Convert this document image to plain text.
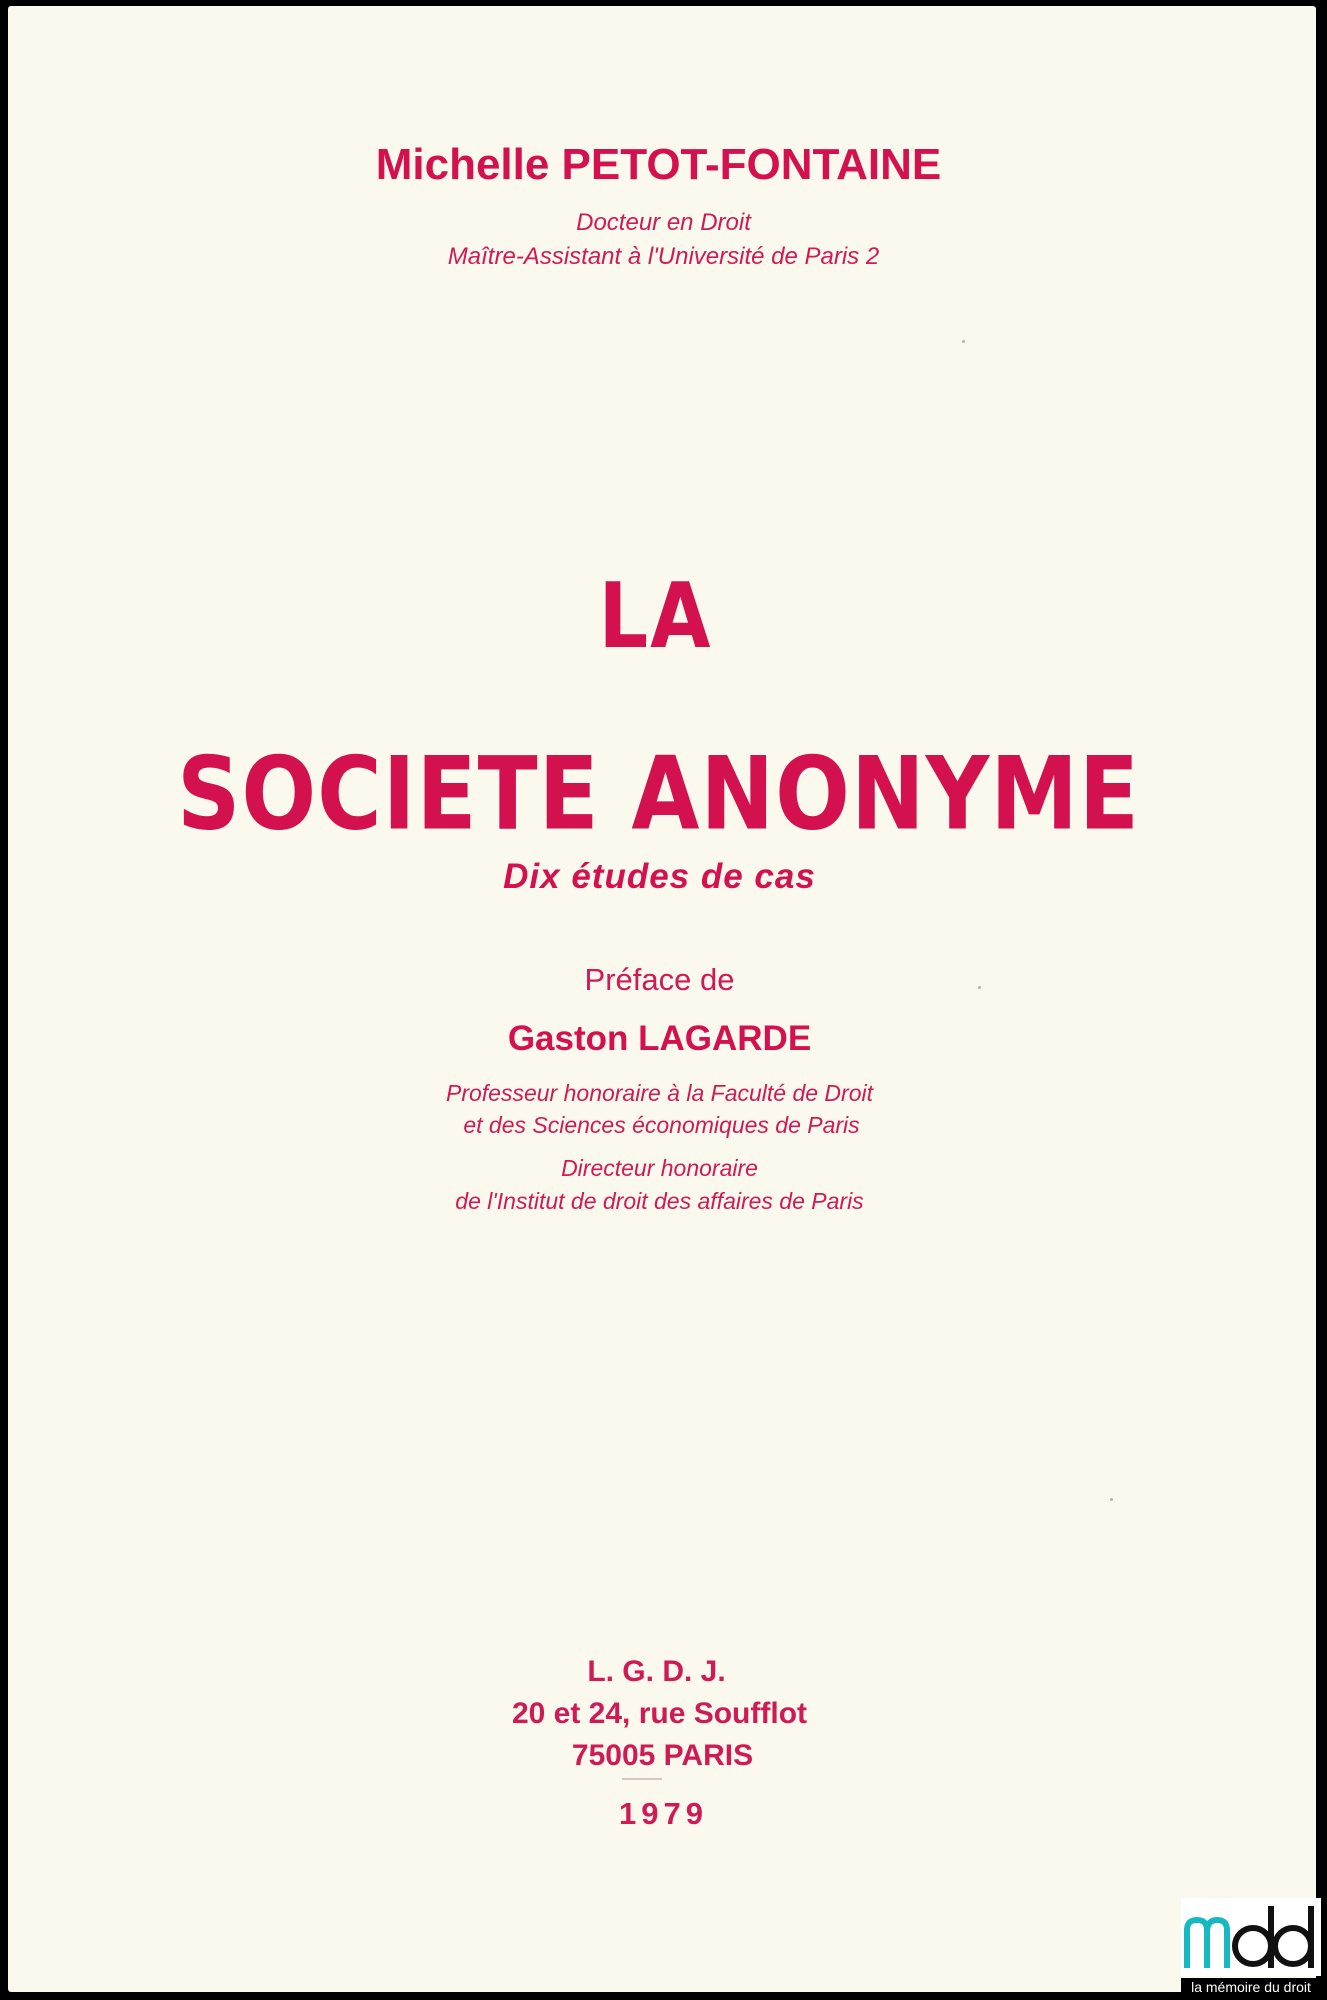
Michelle PETOT-FONTAINE
Docteur en Droit
Maître-Assistant à l'Université de Paris 2
LA
SOCIETE ANONYME
Dix études de cas
Préface de
Gaston LAGARDE
Professeur honoraire à la Faculté de Droit
et des Sciences économiques de Paris
Directeur honoraire
de l'Institut de droit des affaires de Paris
L. G. D. J.
20 et 24, rue Soufflot
75005 PARIS
1979
la mémoire du droit
